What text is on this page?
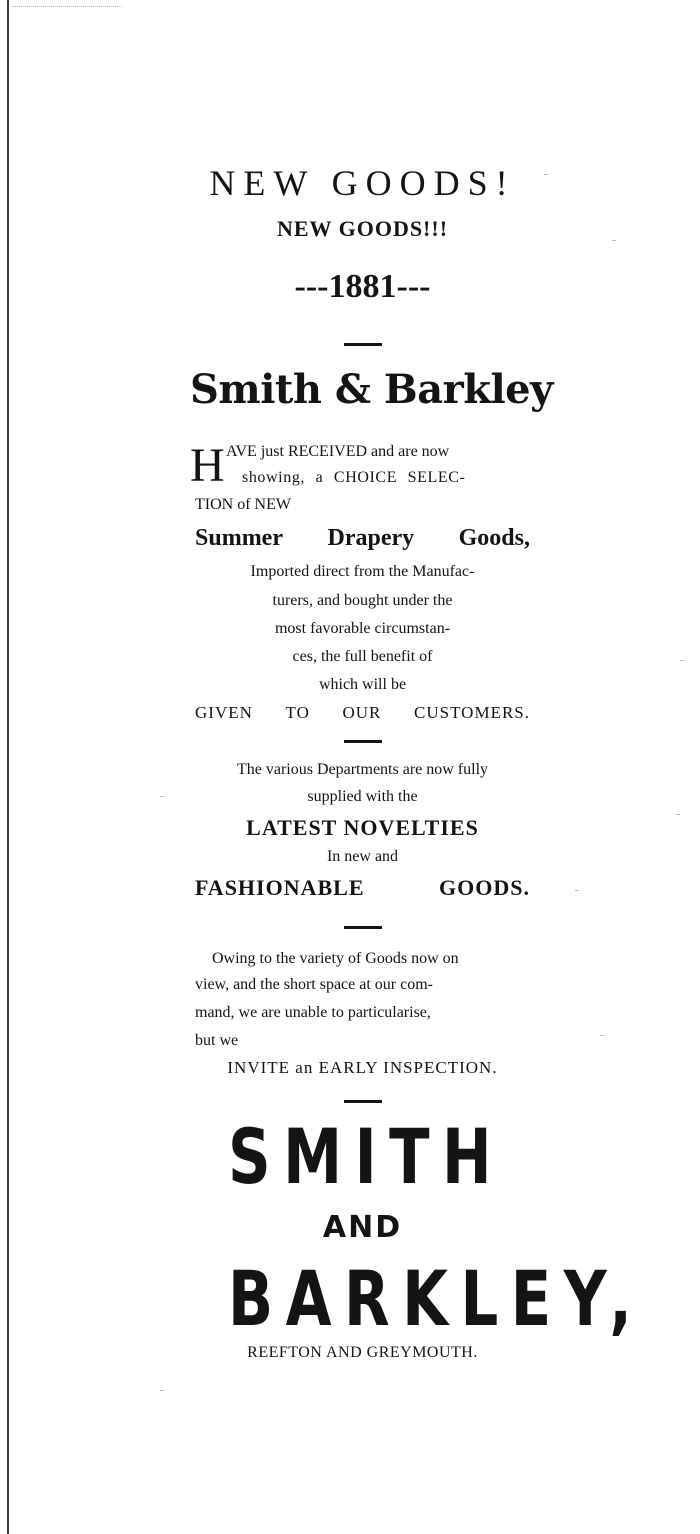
NEW GOODS!
NEW GOODS!!!
---1881---
Smith & Barkley
H AVE just RECEIVED and are now
showing, a CHOICE SELEC-
TION of NEW
Summer Drapery Goods,
Imported direct from the Manufac-
turers, and bought under the
most favorable circumstan-
ces, the full benefit of
which will be
GIVEN TO OUR CUSTOMERS.
The various Departments are now fully
supplied with the
LATEST NOVELTIES
In new and
FASHIONABLE	GOODS.
Owing to the variety of Goods now on
view, and the short space at our com-
mand, we are unable to particularise,
but we
INVITE an EARLY INSPECTION.
SMITH
AND
BARKLEY,
REEFTON AND GREYMOUTH.
